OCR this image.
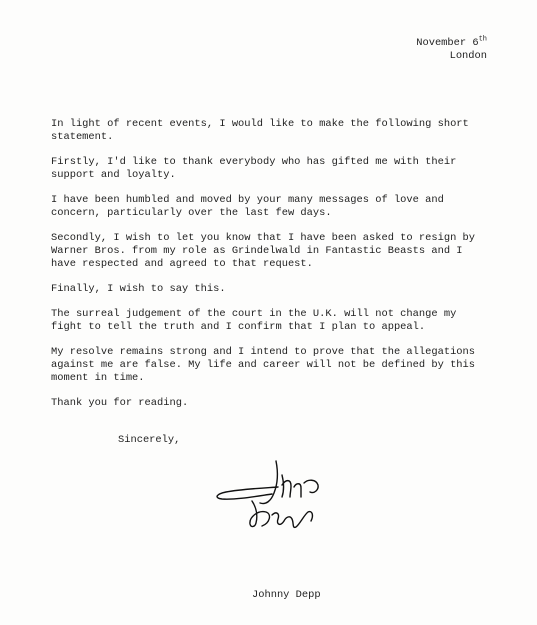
November 6th
London

In light of recent events, I would like to make the following short
statement.

Firstly, I'd like to thank everybody who has gifted me with their
support and loyalty.

I have been humbled and moved by your many messages of love and
concern, particularly over the last few days.

Secondly, I wish to let you know that I have been asked to resign by
Warner Bros. from my role as Grindelwald in Fantastic Beasts and I
have respected and agreed to that request.

Finally, I wish to say this.

The surreal judgement of the court in the U.K. will not change my
fight to tell the truth and I confirm that I plan to appeal.

My resolve remains strong and I intend to prove that the allegations
against me are false. My life and career will not be defined by this
moment in time.

Thank you for reading.

Sincerely,
Johnny Depp
